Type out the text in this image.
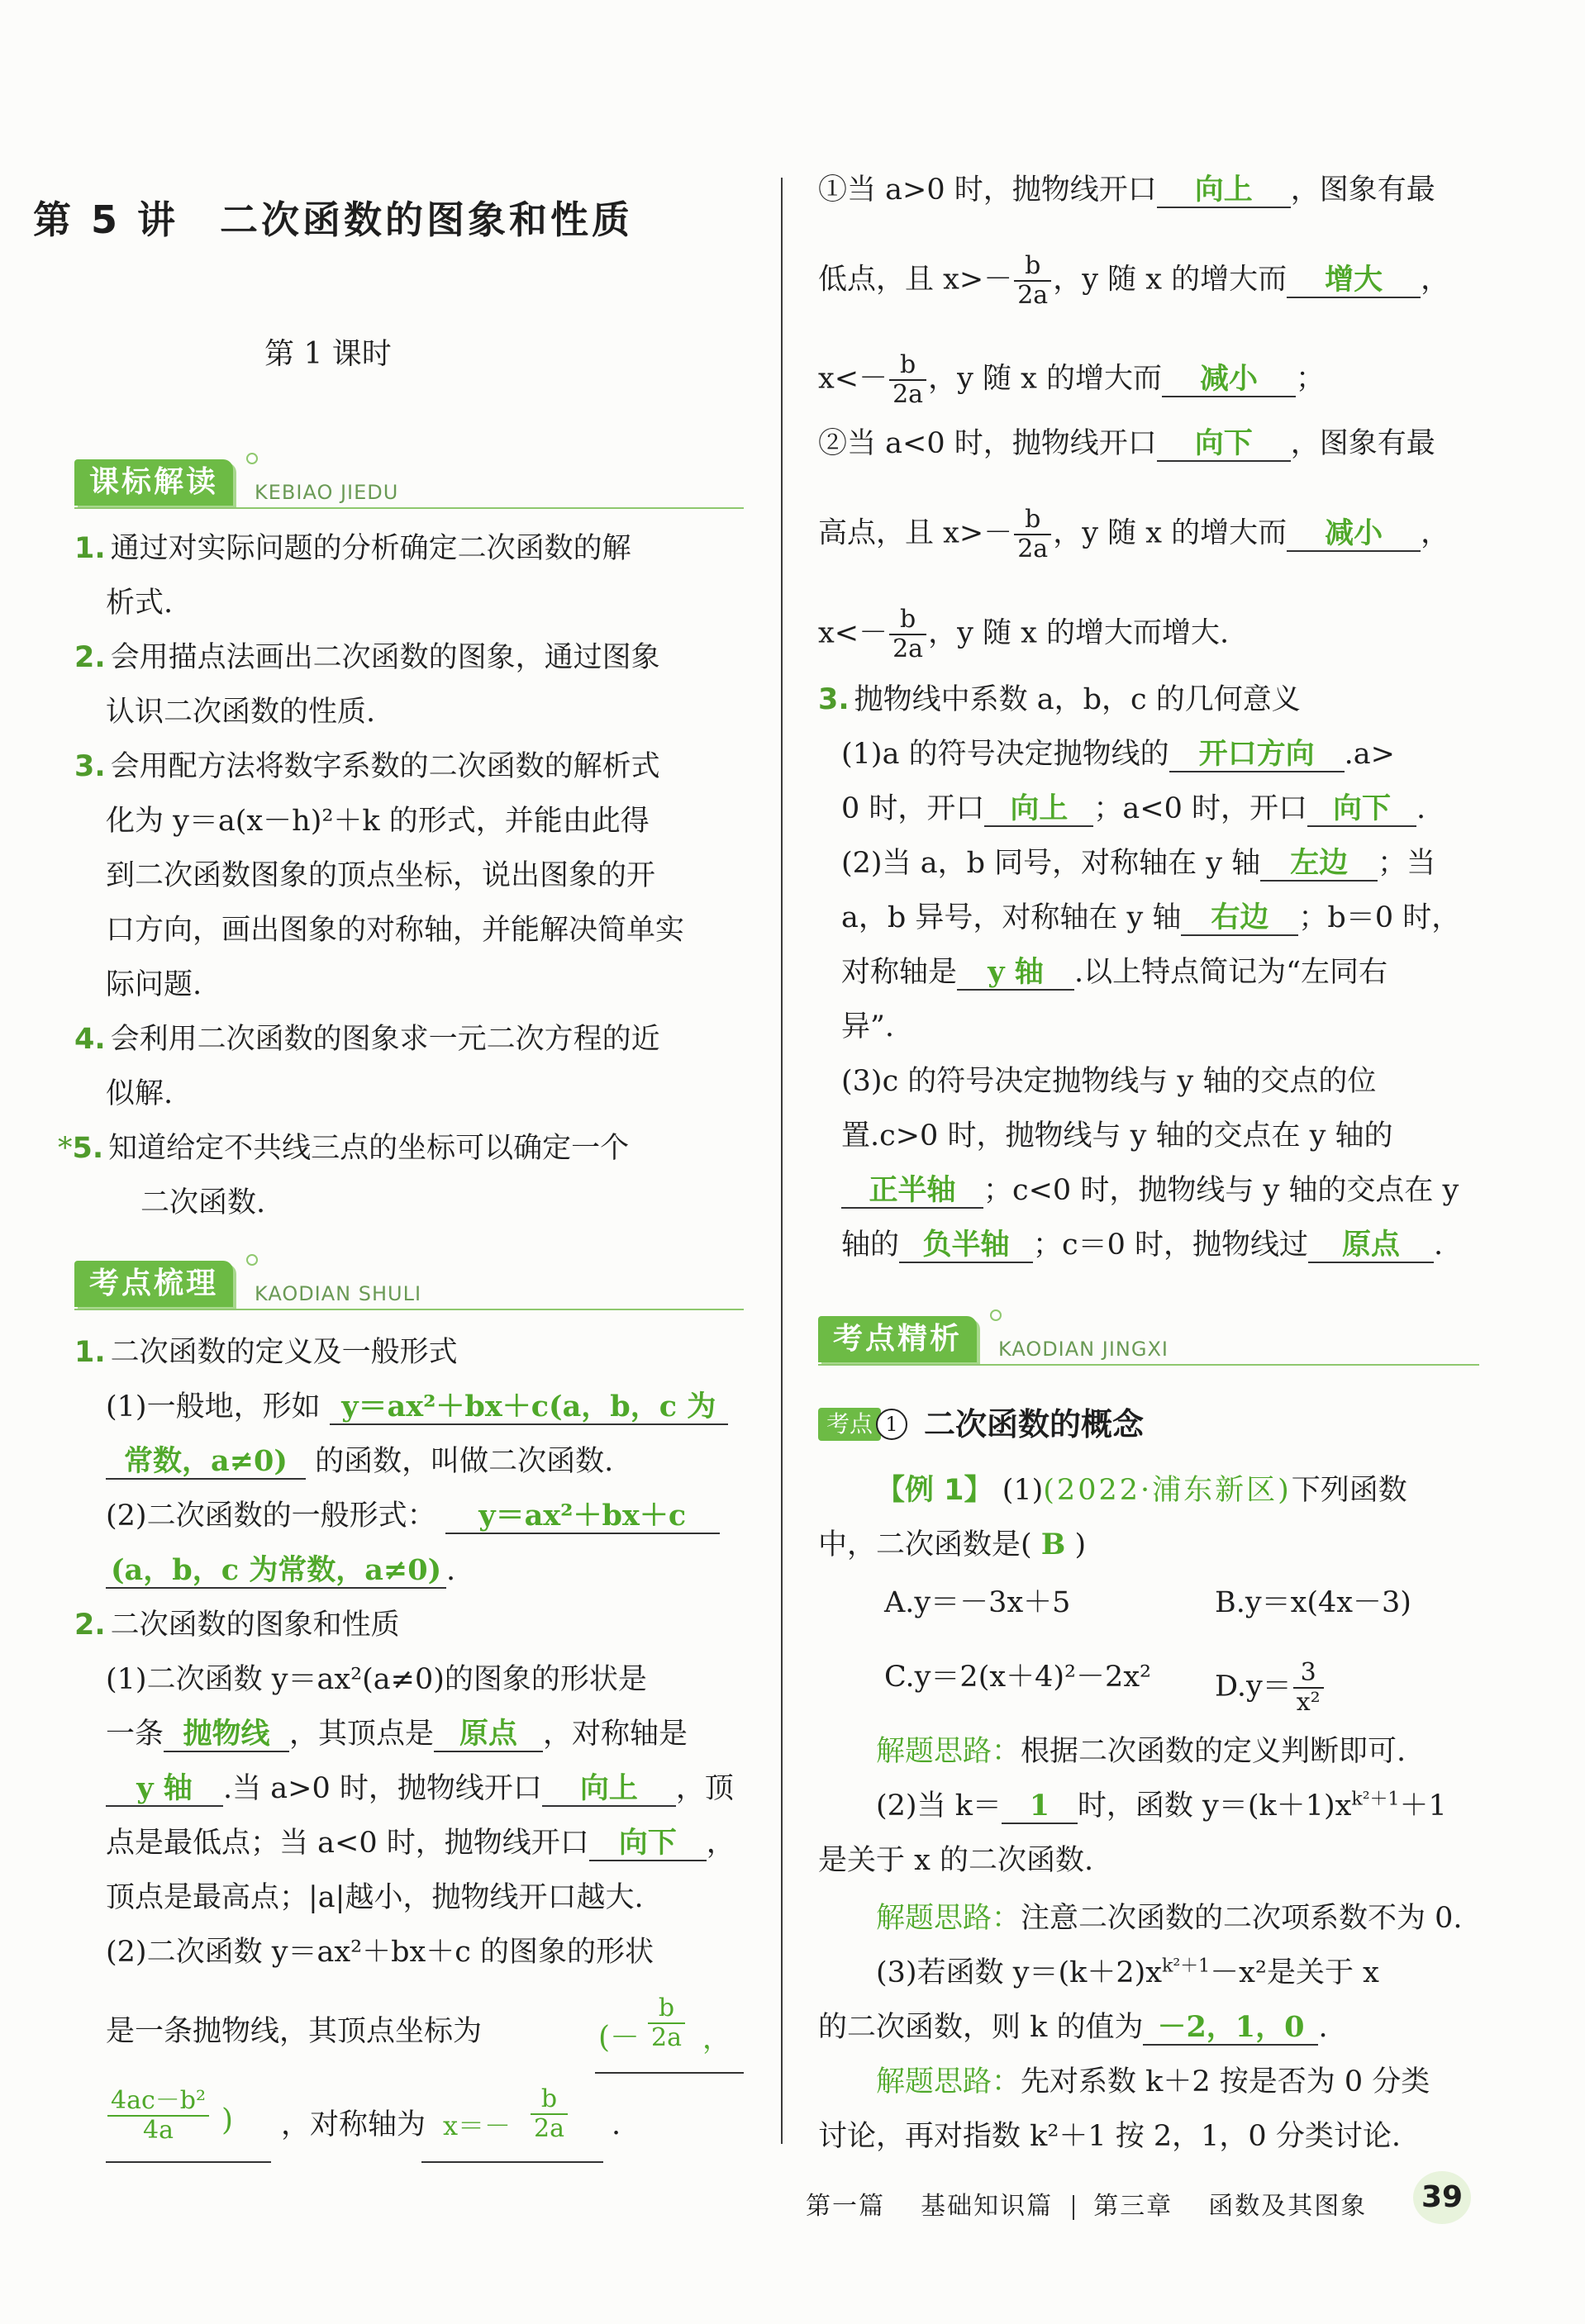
第 5 讲 二次函数的图象和性质
第 1 课时
课标解读	KEBIAO JIEDU
1. 通过对实际问题的分析确定二次函数的解
析式.
2. 会用描点法画出二次函数的图象，通过图象
认识二次函数的性质.
3. 会用配方法将数字系数的二次函数的解析式
化为 y＝a(x－h)²＋k 的形式，并能由此得
到二次函数图象的顶点坐标，说出图象的开
口方向，画出图象的对称轴，并能解决简单实
际问题.
4. 会利用二次函数的图象求一元二次方程的近
似解.
*5. 知道给定不共线三点的坐标可以确定一个
二次函数.
考点梳理	KAODIAN SHULI
1. 二次函数的定义及一般形式
(1)一般地，形如 y＝ax²＋bx＋c(a，b，c 为
常数，a≠0) 的函数，叫做二次函数.
(2)二次函数的一般形式： y＝ax²＋bx＋c
(a，b，c 为常数，a≠0) .
2. 二次函数的图象和性质
(1)二次函数 y＝ax²(a≠0)的图象的形状是
一条 抛物线 ，其顶点是 原点 ，对称轴是
y 轴 .当 a>0 时，抛物线开口 向上 ，顶
点是最低点；当 a<0 时，抛物线开口 向下 ，
顶点是最高点；|a|越小，抛物线开口越大.
(2)二次函数 y＝ax²＋bx＋c 的图象的形状
是一条抛物线，其顶点坐标为	(－ $\frac{b}{2a}$ ，
$\frac{\text{4ac－b²}}{4a}$ ) ，对称轴为 $x=- \frac{b}{2a}$ .
①当 a>0 时，抛物线开口 向上 ，图象有最
低点，且 $x>- \frac{b}{2a}$ ，y 随 x 的增大而 增大 ，
$x<- \frac{b}{2a}$ ，y 随 x 的增大而 减小 ；
②当 a<0 时，抛物线开口 向下 ，图象有最
高点，且 $x>- \frac{b}{2a}$ ，y 随 x 的增大而 减小 ，
$x<- \frac{b}{2a}$ ，y 随 x 的增大而增大.
3. 抛物线中系数 a，b，c 的几何意义
(1)a 的符号决定抛物线的 开口方向 .a>
0 时，开口 向上 ；a<0 时，开口 向下 .
(2)当 a，b 同号，对称轴在 y 轴 左边 ；当
a，b 异号，对称轴在 y 轴 右边 ；b＝0 时，
对称轴是 y 轴 .以上特点简记为“左同右
异”.
(3)c 的符号决定抛物线与 y 轴的交点的位
置.c>0 时，抛物线与 y 轴的交点在 y 轴的
正半轴 ；c<0 时，抛物线与 y 轴的交点在 y
轴的 负半轴 ；c＝0 时，抛物线过 原点 .
考点精析	KAODIAN JINGXI
考点 1 二次函数的概念
【例 1】 (1)(2022·浦东新区)下列函数
中，二次函数是( B )
A.y＝－3x＋5	B.y＝x(4x－3)
C.y＝2(x＋4)²－2x² $D.y= \frac{3}{\text{x²}}$
解题思路：根据二次函数的定义判断即可.
(2)当 k＝ 1 时，函数 $y=(k+1)x^{k^2+1}+1$
是关于 x 的二次函数.
解题思路：注意二次函数的二次项系数不为 0.
(3)若函数 $y=(k+2)x^{k^2+1}-x^2$是关于 x
的二次函数，则 k 的值为 －2，1，0 .
解题思路：先对系数 k＋2 按是否为 0 分类
讨论，再对指数 k²＋1 按 2，1，0 分类讨论.
第一篇 基础知识篇 第三章 函数及其图象 39
